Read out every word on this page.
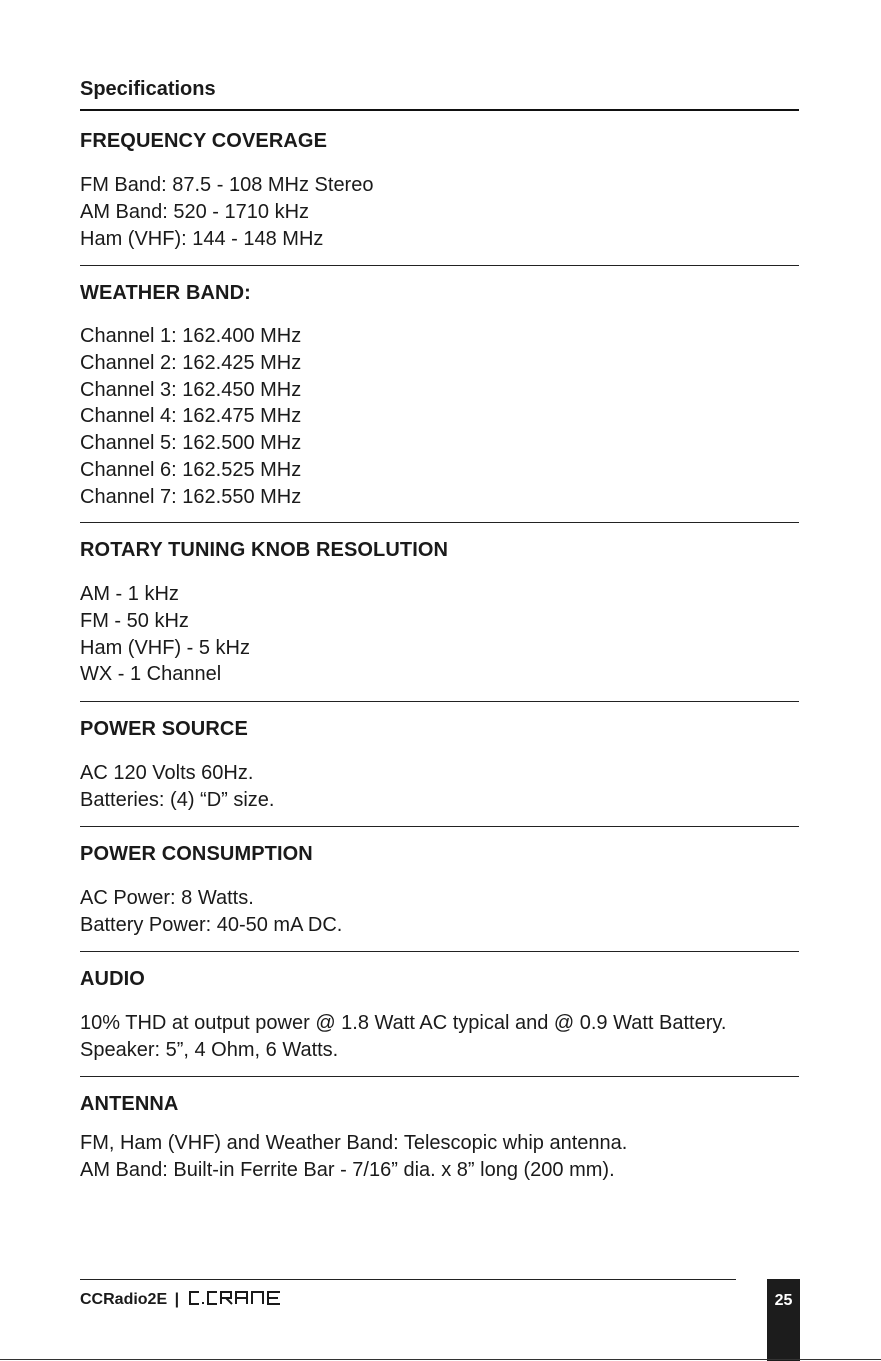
Specifications
FREQUENCY COVERAGE
FM Band: 87.5 - 108 MHz Stereo
AM Band: 520 - 1710 kHz
Ham (VHF): 144 - 148 MHz
WEATHER BAND:
Channel 1: 162.400 MHz
Channel 2: 162.425 MHz
Channel 3: 162.450 MHz
Channel 4: 162.475 MHz
Channel 5: 162.500 MHz
Channel 6: 162.525 MHz
Channel 7: 162.550 MHz
ROTARY TUNING KNOB RESOLUTION
AM - 1 kHz
FM - 50 kHz
Ham (VHF) - 5 kHz
WX - 1 Channel
POWER SOURCE
AC 120 Volts 60Hz.
Batteries: (4) “D” size.
POWER CONSUMPTION
AC Power: 8 Watts.
Battery Power: 40-50 mA DC.
AUDIO
10% THD at output power @ 1.8 Watt AC typical and @ 0.9 Watt Battery.
Speaker: 5”, 4 Ohm, 6 Watts.
ANTENNA
FM, Ham (VHF) and Weather Band: Telescopic whip antenna.
AM Band: Built-in Ferrite Bar - 7/16” dia. x 8” long (200 mm).
CCRadio2E |	25
